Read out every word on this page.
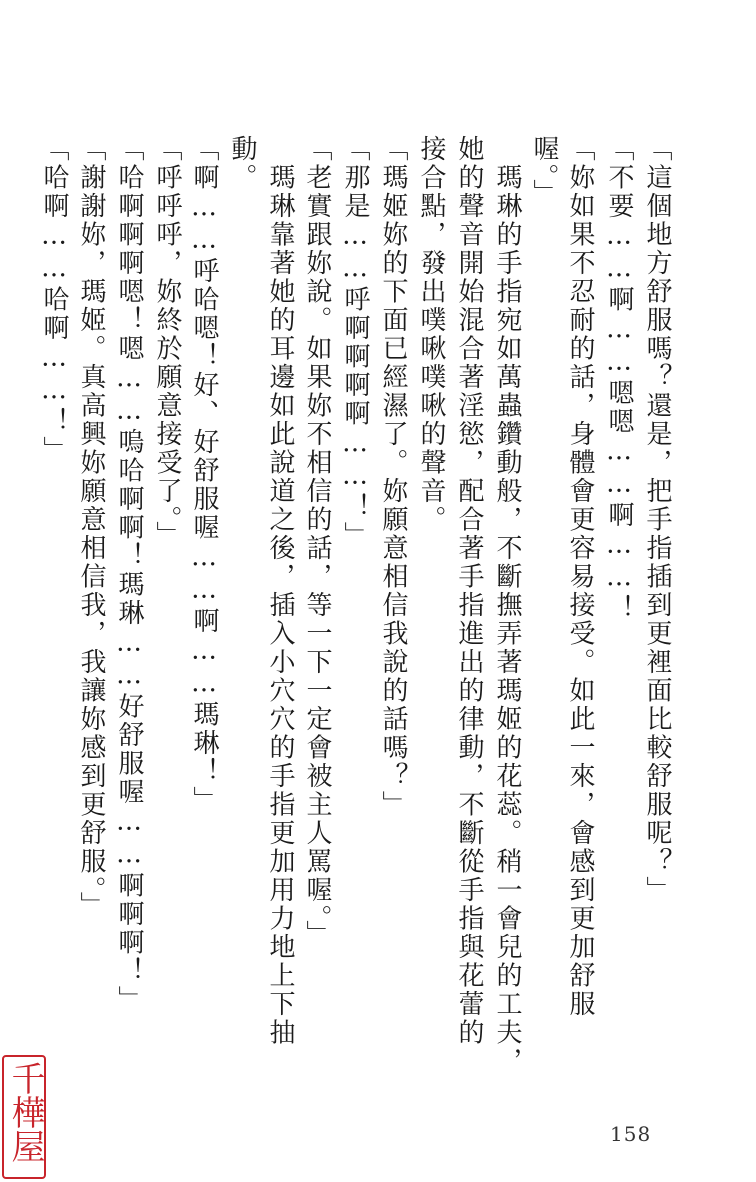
「這個地方舒服嗎？還是，把手指插到更裡面比較舒服呢？」
「不要……啊……嗯嗯……啊……！
「妳如果不忍耐的話，身體會更容易接受。如此一來，會感到更加舒服
喔。」
　瑪琳的手指宛如萬蟲鑽動般，不斷撫弄著瑪姬的花蕊。稍一會兒的工夫，
她的聲音開始混合著淫慾，配合著手指進出的律動，不斷從手指與花蕾的
接合點，發出噗啾噗啾的聲音。
「瑪姬妳的下面已經濕了。妳願意相信我說的話嗎？」
「那是……呼啊啊啊啊……！」
「老實跟妳說。如果妳不相信的話，等一下一定會被主人罵喔。」
　瑪琳靠著她的耳邊如此說道之後，插入小穴穴的手指更加用力地上下抽
動。
「啊……呼哈嗯！好、好舒服喔……啊……瑪琳！」
「呼呼呼，妳終於願意接受了。」
「哈啊啊啊嗯！嗯……嗚哈啊啊！瑪琳……好舒服喔……啊啊啊！」
「謝謝妳，瑪姬。真高興妳願意相信我，我讓妳感到更舒服。」
「哈啊……哈啊……！」
158
千樺屋
